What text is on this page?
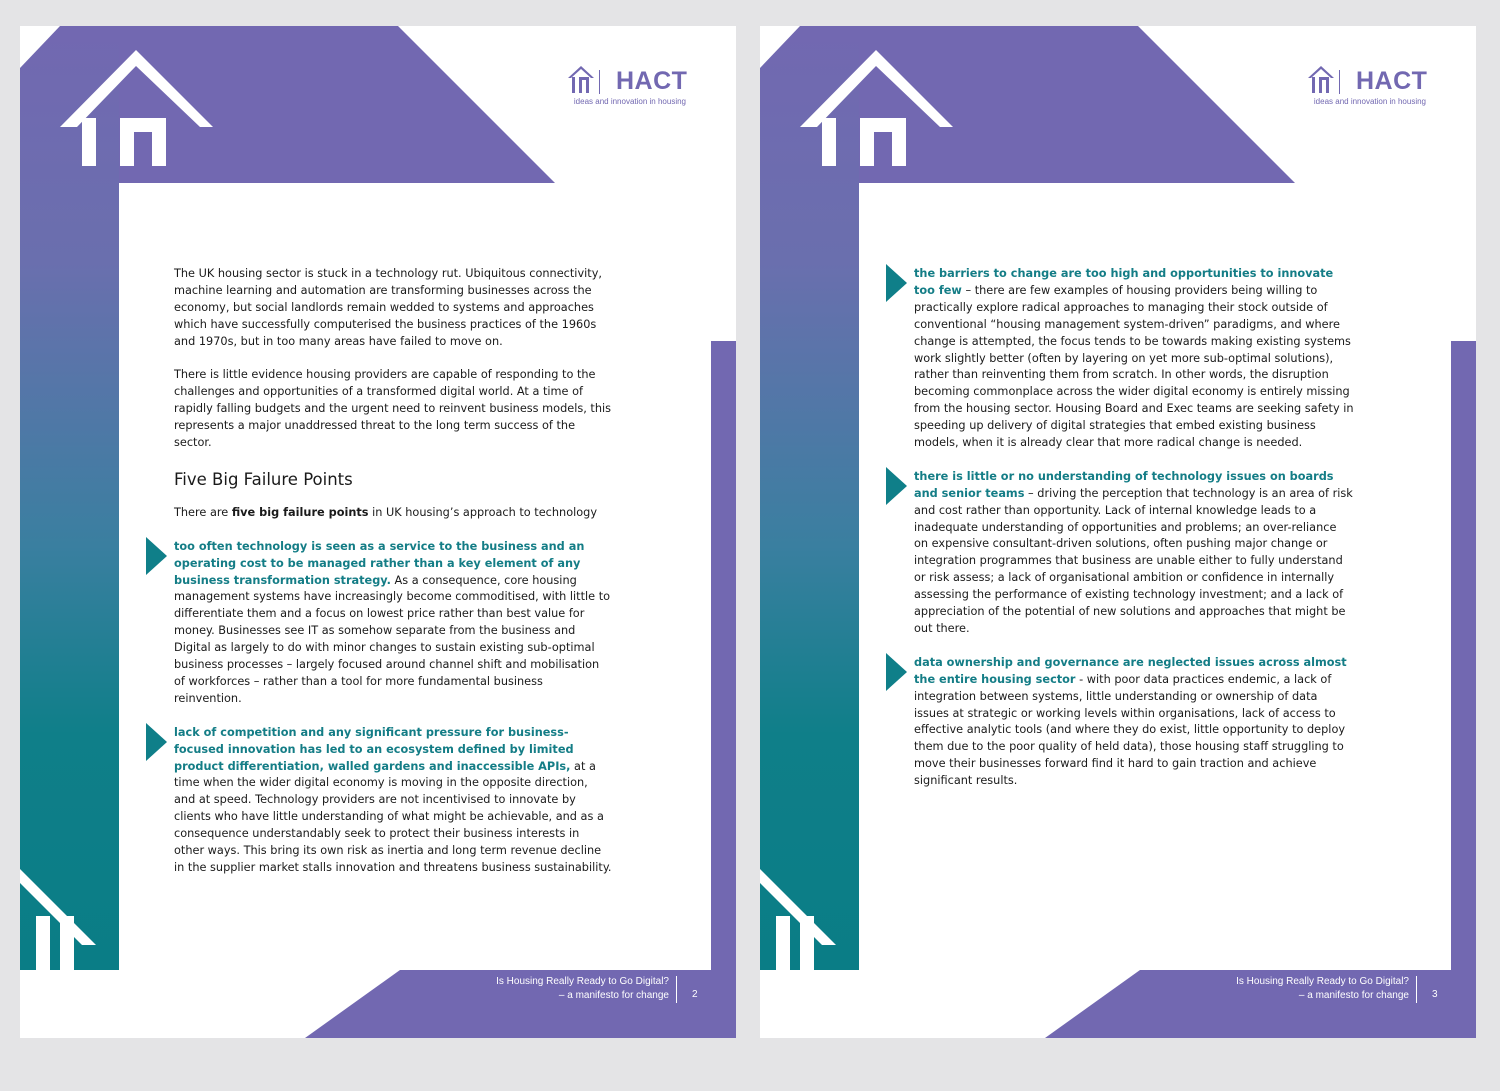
HACT
ideas and innovation in housing

The UK housing sector is stuck in a technology rut. Ubiquitous connectivity, machine learning and automation are transforming businesses across the economy, but social landlords remain wedded to systems and approaches which have successfully computerised the business practices of the 1960s and 1970s, but in too many areas have failed to move on.

There is little evidence housing providers are capable of responding to the challenges and opportunities of a transformed digital world. At a time of rapidly falling budgets and the urgent need to reinvent business models, this represents a major unaddressed threat to the long term success of the sector.

Five Big Failure Points

There are five big failure points in UK housing’s approach to technology

too often technology is seen as a service to the business and an operating cost to be managed rather than a key element of any business transformation strategy. As a consequence, core housing management systems have increasingly become commoditised, with little to differentiate them and a focus on lowest price rather than best value for money. Businesses see IT as somehow separate from the business and Digital as largely to do with minor changes to sustain existing sub-optimal business processes – largely focused around channel shift and mobilisation of workforces – rather than a tool for more fundamental business reinvention.
lack of competition and any significant pressure for business-focused innovation has led to an ecosystem defined by limited product differentiation, walled gardens and inaccessible APIs, at a time when the wider digital economy is moving in the opposite direction, and at speed. Technology providers are not incentivised to innovate by clients who have little understanding of what might be achievable, and as a consequence understandably seek to protect their business interests in other ways. This bring its own risk as inertia and long term revenue decline in the supplier market stalls innovation and threatens business sustainability.
Is Housing Really Ready to Go Digital?
– a manifesto for change	2
HACT
ideas and innovation in housing
the barriers to change are too high and opportunities to innovate too few – there are few examples of housing providers being willing to practically explore radical approaches to managing their stock outside of conventional “housing management system-driven” paradigms, and where change is attempted, the focus tends to be towards making existing systems work slightly better (often by layering on yet more sub-optimal solutions), rather than reinventing them from scratch. In other words, the disruption becoming commonplace across the wider digital economy is entirely missing from the housing sector. Housing Board and Exec teams are seeking safety in speeding up delivery of digital strategies that embed existing business models, when it is already clear that more radical change is needed.
there is little or no understanding of technology issues on boards and senior teams – driving the perception that technology is an area of risk and cost rather than opportunity. Lack of internal knowledge leads to a inadequate understanding of opportunities and problems; an over-reliance on expensive consultant-driven solutions, often pushing major change or integration programmes that business are unable either to fully understand or risk assess; a lack of organisational ambition or confidence in internally assessing the performance of existing technology investment; and a lack of appreciation of the potential of new solutions and approaches that might be out there.
data ownership and governance are neglected issues across almost the entire housing sector - with poor data practices endemic, a lack of integration between systems, little understanding or ownership of data issues at strategic or working levels within organisations, lack of access to effective analytic tools (and where they do exist, little opportunity to deploy them due to the poor quality of held data), those housing staff struggling to move their businesses forward find it hard to gain traction and achieve significant results.
Is Housing Really Ready to Go Digital?
– a manifesto for change	3
